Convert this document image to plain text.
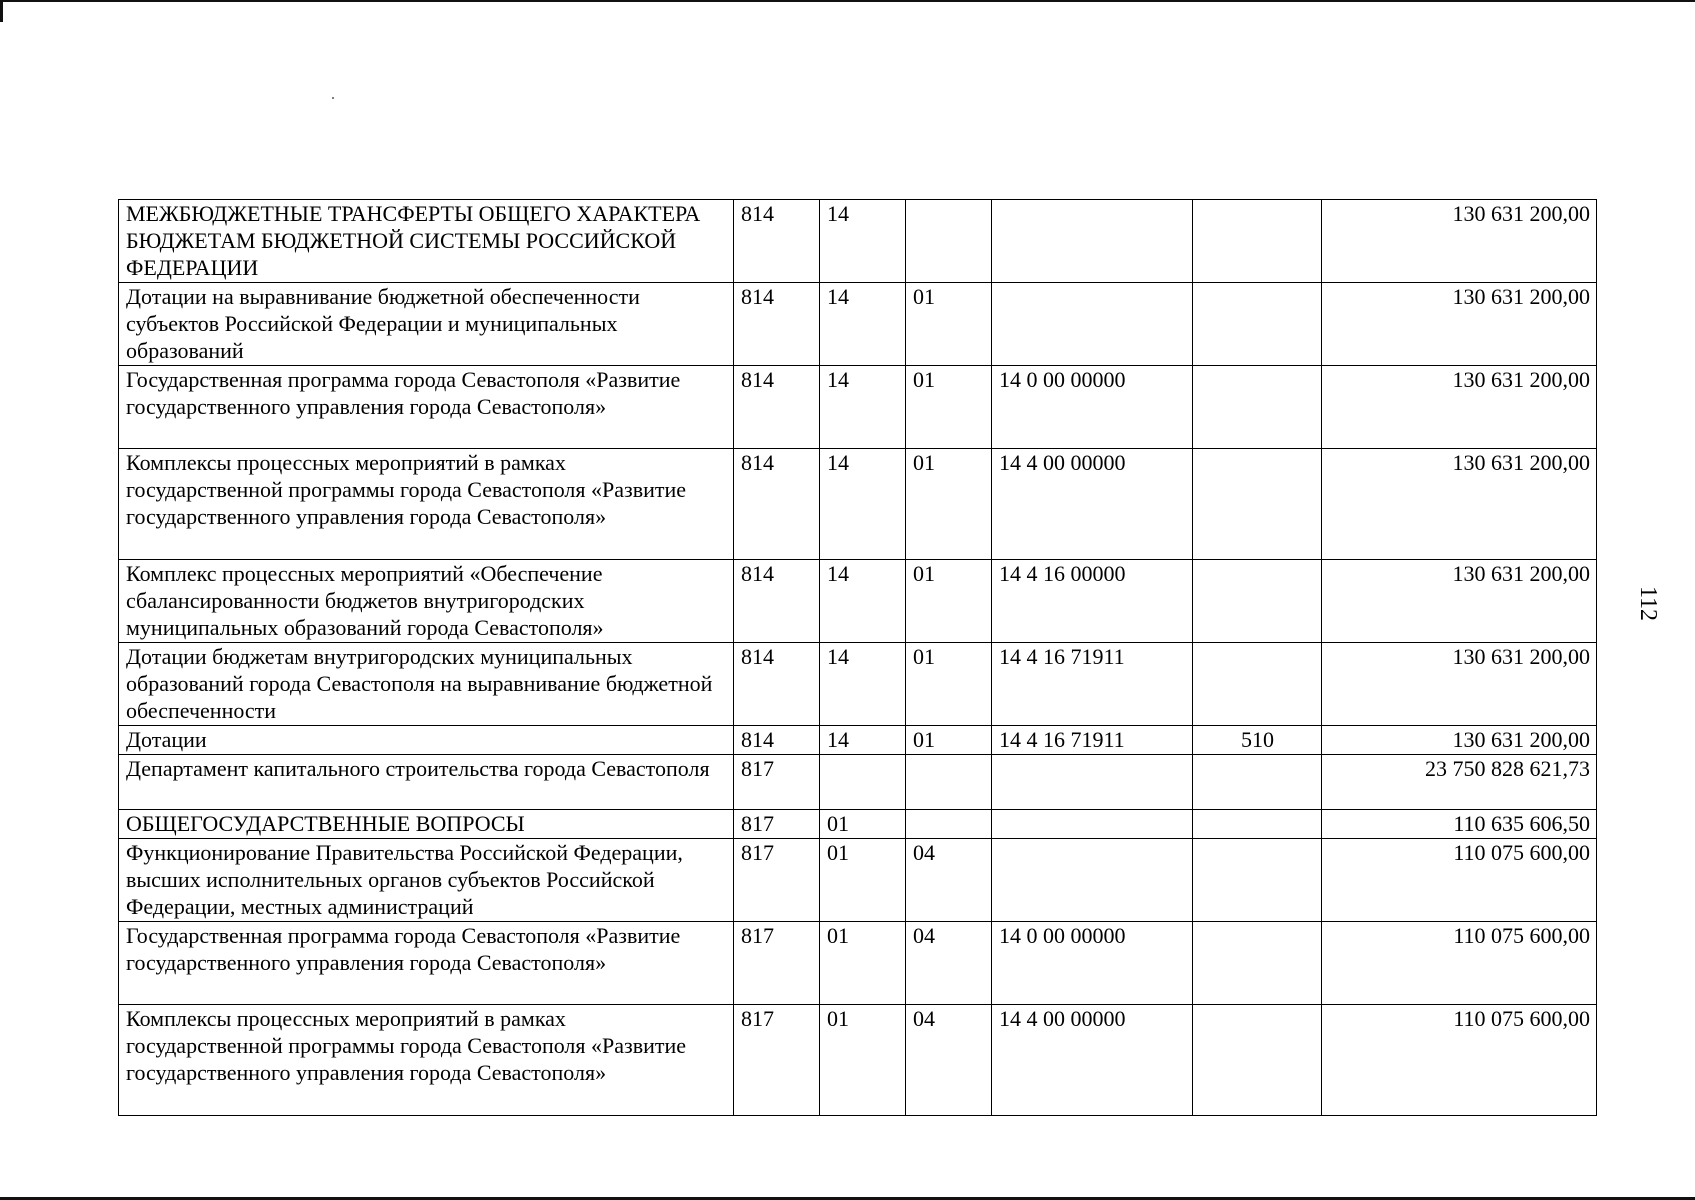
МЕЖБЮДЖЕТНЫЕ ТРАНСФЕРТЫ ОБЩЕГО ХАРАКТЕРА БЮДЖЕТАМ БЮДЖЕТНОЙ СИСТЕМЫ РОССИЙСКОЙ ФЕДЕРАЦИИ	814	14				130 631 200,00
Дотации на выравнивание бюджетной обеспеченности субъектов Российской Федерации и муниципальных образований	814	14	01			130 631 200,00
Государственная программа города Севастополя «Развитие государственного управления города Севастополя»	814	14	01	14 0 00 00000		130 631 200,00
Комплексы процессных мероприятий в рамках государственной программы города Севастополя «Развитие государственного управления города Севастополя»	814	14	01	14 4 00 00000		130 631 200,00
Комплекс процессных мероприятий «Обеспечение сбалансированности бюджетов внутригородских муниципальных образований города Севастополя»	814	14	01	14 4 16 00000		130 631 200,00
Дотации бюджетам внутригородских муниципальных образований города Севастополя на выравнивание бюджетной обеспеченности	814	14	01	14 4 16 71911		130 631 200,00
Дотации	814	14	01	14 4 16 71911	510	130 631 200,00
Департамент капитального строительства города Севастополя	817					23 750 828 621,73
ОБЩЕГОСУДАРСТВЕННЫЕ ВОПРОСЫ	817	01				110 635 606,50
Функционирование Правительства Российской Федерации, высших исполнительных органов субъектов Российской Федерации, местных администраций	817	01	04			110 075 600,00
Государственная программа города Севастополя «Развитие государственного управления города Севастополя»	817	01	04	14 0 00 00000		110 075 600,00
Комплексы процессных мероприятий в рамках государственной программы города Севастополя «Развитие государственного управления города Севастополя»	817	01	04	14 4 00 00000		110 075 600,00
112
